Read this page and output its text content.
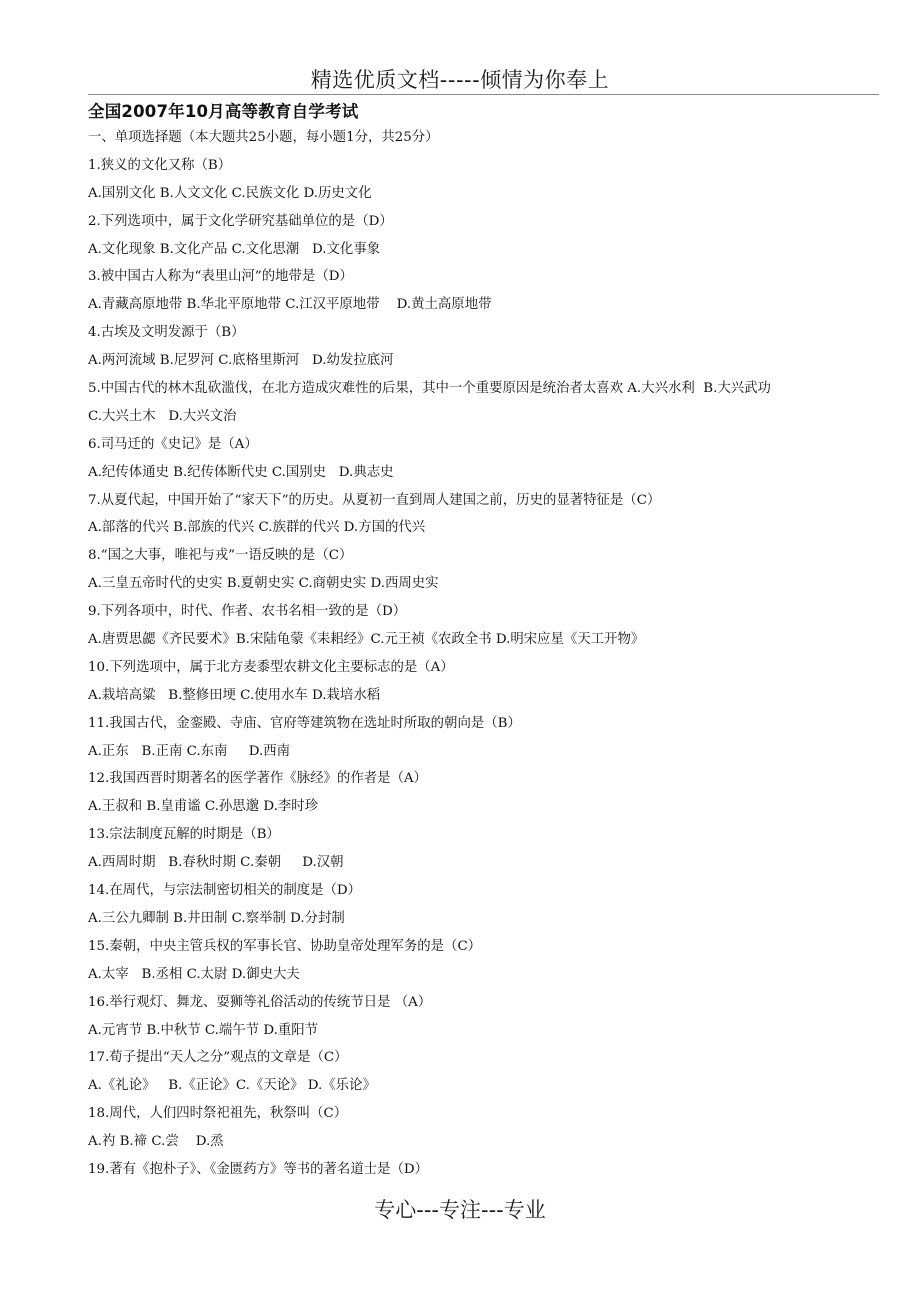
精选优质文档-----倾情为你奉上
全国2007年10月高等教育自学考试

一、单项选择题（本大题共25小题，每小题1分，共25分）

1.狭义的文化又称（B）

A.国别文化 B.人文文化 C.民族文化 D.历史文化

2.下列选项中，属于文化学研究基础单位的是（D）

A.文化现象 B.文化产品 C.文化思潮   D.文化事象

3.被中国古人称为“表里山河”的地带是（D）

A.青藏高原地带 B.华北平原地带 C.江汉平原地带    D.黄土高原地带

4.古埃及文明发源于（B）

A.两河流域 B.尼罗河 C.底格里斯河   D.幼发拉底河

5.中国古代的林木乱砍滥伐，在北方造成灾难性的后果，其中一个重要原因是统治者太喜欢 A.大兴水利  B.大兴武功

C.大兴土木   D.大兴文治

6.司马迁的《史记》是（A）

A.纪传体通史 B.纪传体断代史 C.国别史   D.典志史

7.从夏代起，中国开始了“家天下”的历史。从夏初一直到周人建国之前，历史的显著特征是（C）

A.部落的代兴 B.部族的代兴 C.族群的代兴 D.方国的代兴

8.“国之大事，唯祀与戎”一语反映的是（C）

A.三皇五帝时代的史实 B.夏朝史实 C.商朝史实 D.西周史实

9.下列各项中，时代、作者、农书名相一致的是（D）

A.唐贾思勰《齐民要术》B.宋陆龟蒙《耒耜经》C.元王祯《农政全书 D.明宋应星《天工开物》

10.下列选项中，属于北方麦黍型农耕文化主要标志的是（A）

A.栽培高粱   B.整修田埂 C.使用水车 D.栽培水稻

11.我国古代，金銮殿、寺庙、官府等建筑物在选址时所取的朝向是（B）

A.正东   B.正南 C.东南     D.西南

12.我国西晋时期著名的医学著作《脉经》的作者是（A）

A.王叔和 B.皇甫谧 C.孙思邈 D.李时珍

13.宗法制度瓦解的时期是（B）

A.西周时期   B.春秋时期 C.秦朝     D.汉朝

14.在周代，与宗法制密切相关的制度是（D）

A.三公九卿制 B.井田制 C.察举制 D.分封制

15.秦朝，中央主管兵权的军事长官、协助皇帝处理军务的是（C）

A.太宰   B.丞相 C.太尉 D.御史大夫

16.举行观灯、舞龙、耍狮等礼俗活动的传统节日是 （A）

A.元宵节 B.中秋节 C.端午节 D.重阳节

17.荀子提出“天人之分”观点的文章是（C）

A.《礼论》   B.《正论》C.《天论》 D.《乐论》

18.周代，人们四时祭祀祖先，秋祭叫（C）

A.礿 B.禘 C.尝    D.烝

19.著有《抱朴子》、《金匮药方》等书的著名道士是（D）

专心---专注---专业
